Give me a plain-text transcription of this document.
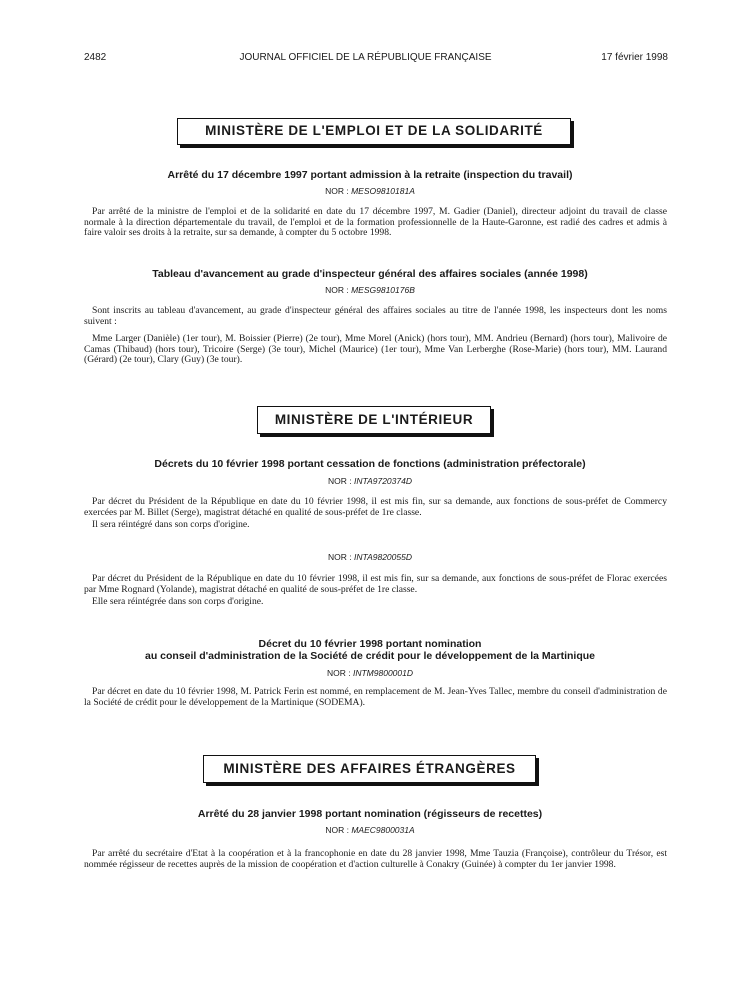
2482	JOURNAL OFFICIEL DE LA RÉPUBLIQUE FRANÇAISE	17 février 1998
MINISTÈRE DE L'EMPLOI ET DE LA SOLIDARITÉ
Arrêté du 17 décembre 1997 portant admission à la retraite (inspection du travail)
NOR : MESO9810181A

Par arrêté de la ministre de l'emploi et de la solidarité en date du 17 décembre 1997, M. Gadier (Daniel), directeur adjoint du travail de classe normale à la direction départementale du travail, de l'emploi et de la formation professionnelle de la Haute-Garonne, est radié des cadres et admis à faire valoir ses droits à la retraite, sur sa demande, à compter du 5 octobre 1998.

Tableau d'avancement au grade d'inspecteur général des affaires sociales (année 1998)
NOR : MESG9810176B

Sont inscrits au tableau d'avancement, au grade d'inspecteur général des affaires sociales au titre de l'année 1998, les inspecteurs dont les noms suivent :

Mme Larger (Danièle) (1er tour), M. Boissier (Pierre) (2e tour), Mme Morel (Anick) (hors tour), MM. Andrieu (Bernard) (hors tour), Malivoire de Camas (Thibaud) (hors tour), Tricoire (Serge) (3e tour), Michel (Maurice) (1er tour), Mme Van Lerberghe (Rose-Marie) (hors tour), MM. Laurand (Gérard) (2e tour), Clary (Guy) (3e tour).

MINISTÈRE DE L'INTÉRIEUR
Décrets du 10 février 1998 portant cessation de fonctions (administration préfectorale)
NOR : INTA9720374D

Par décret du Président de la République en date du 10 février 1998, il est mis fin, sur sa demande, aux fonctions de sous-préfet de Commercy exercées par M. Billet (Serge), magistrat détaché en qualité de sous-préfet de 1re classe.

Il sera réintégré dans son corps d'origine.

NOR : INTA9820055D

Par décret du Président de la République en date du 10 février 1998, il est mis fin, sur sa demande, aux fonctions de sous-préfet de Florac exercées par Mme Rognard (Yolande), magistrat détaché en qualité de sous-préfet de 1re classe.

Elle sera réintégrée dans son corps d'origine.

Décret du 10 février 1998 portant nomination
au conseil d'administration de la Société de crédit pour le développement de la Martinique
NOR : INTM9800001D

Par décret en date du 10 février 1998, M. Patrick Ferin est nommé, en remplacement de M. Jean-Yves Tallec, membre du conseil d'administration de la Société de crédit pour le développement de la Martinique (SODEMA).

MINISTÈRE DES AFFAIRES ÉTRANGÈRES
Arrêté du 28 janvier 1998 portant nomination (régisseurs de recettes)
NOR : MAEC9800031A

Par arrêté du secrétaire d'Etat à la coopération et à la francophonie en date du 28 janvier 1998, Mme Tauzia (Françoise), contrôleur du Trésor, est nommée régisseur de recettes auprès de la mission de coopération et d'action culturelle à Conakry (Guinée) à compter du 1er janvier 1998.
